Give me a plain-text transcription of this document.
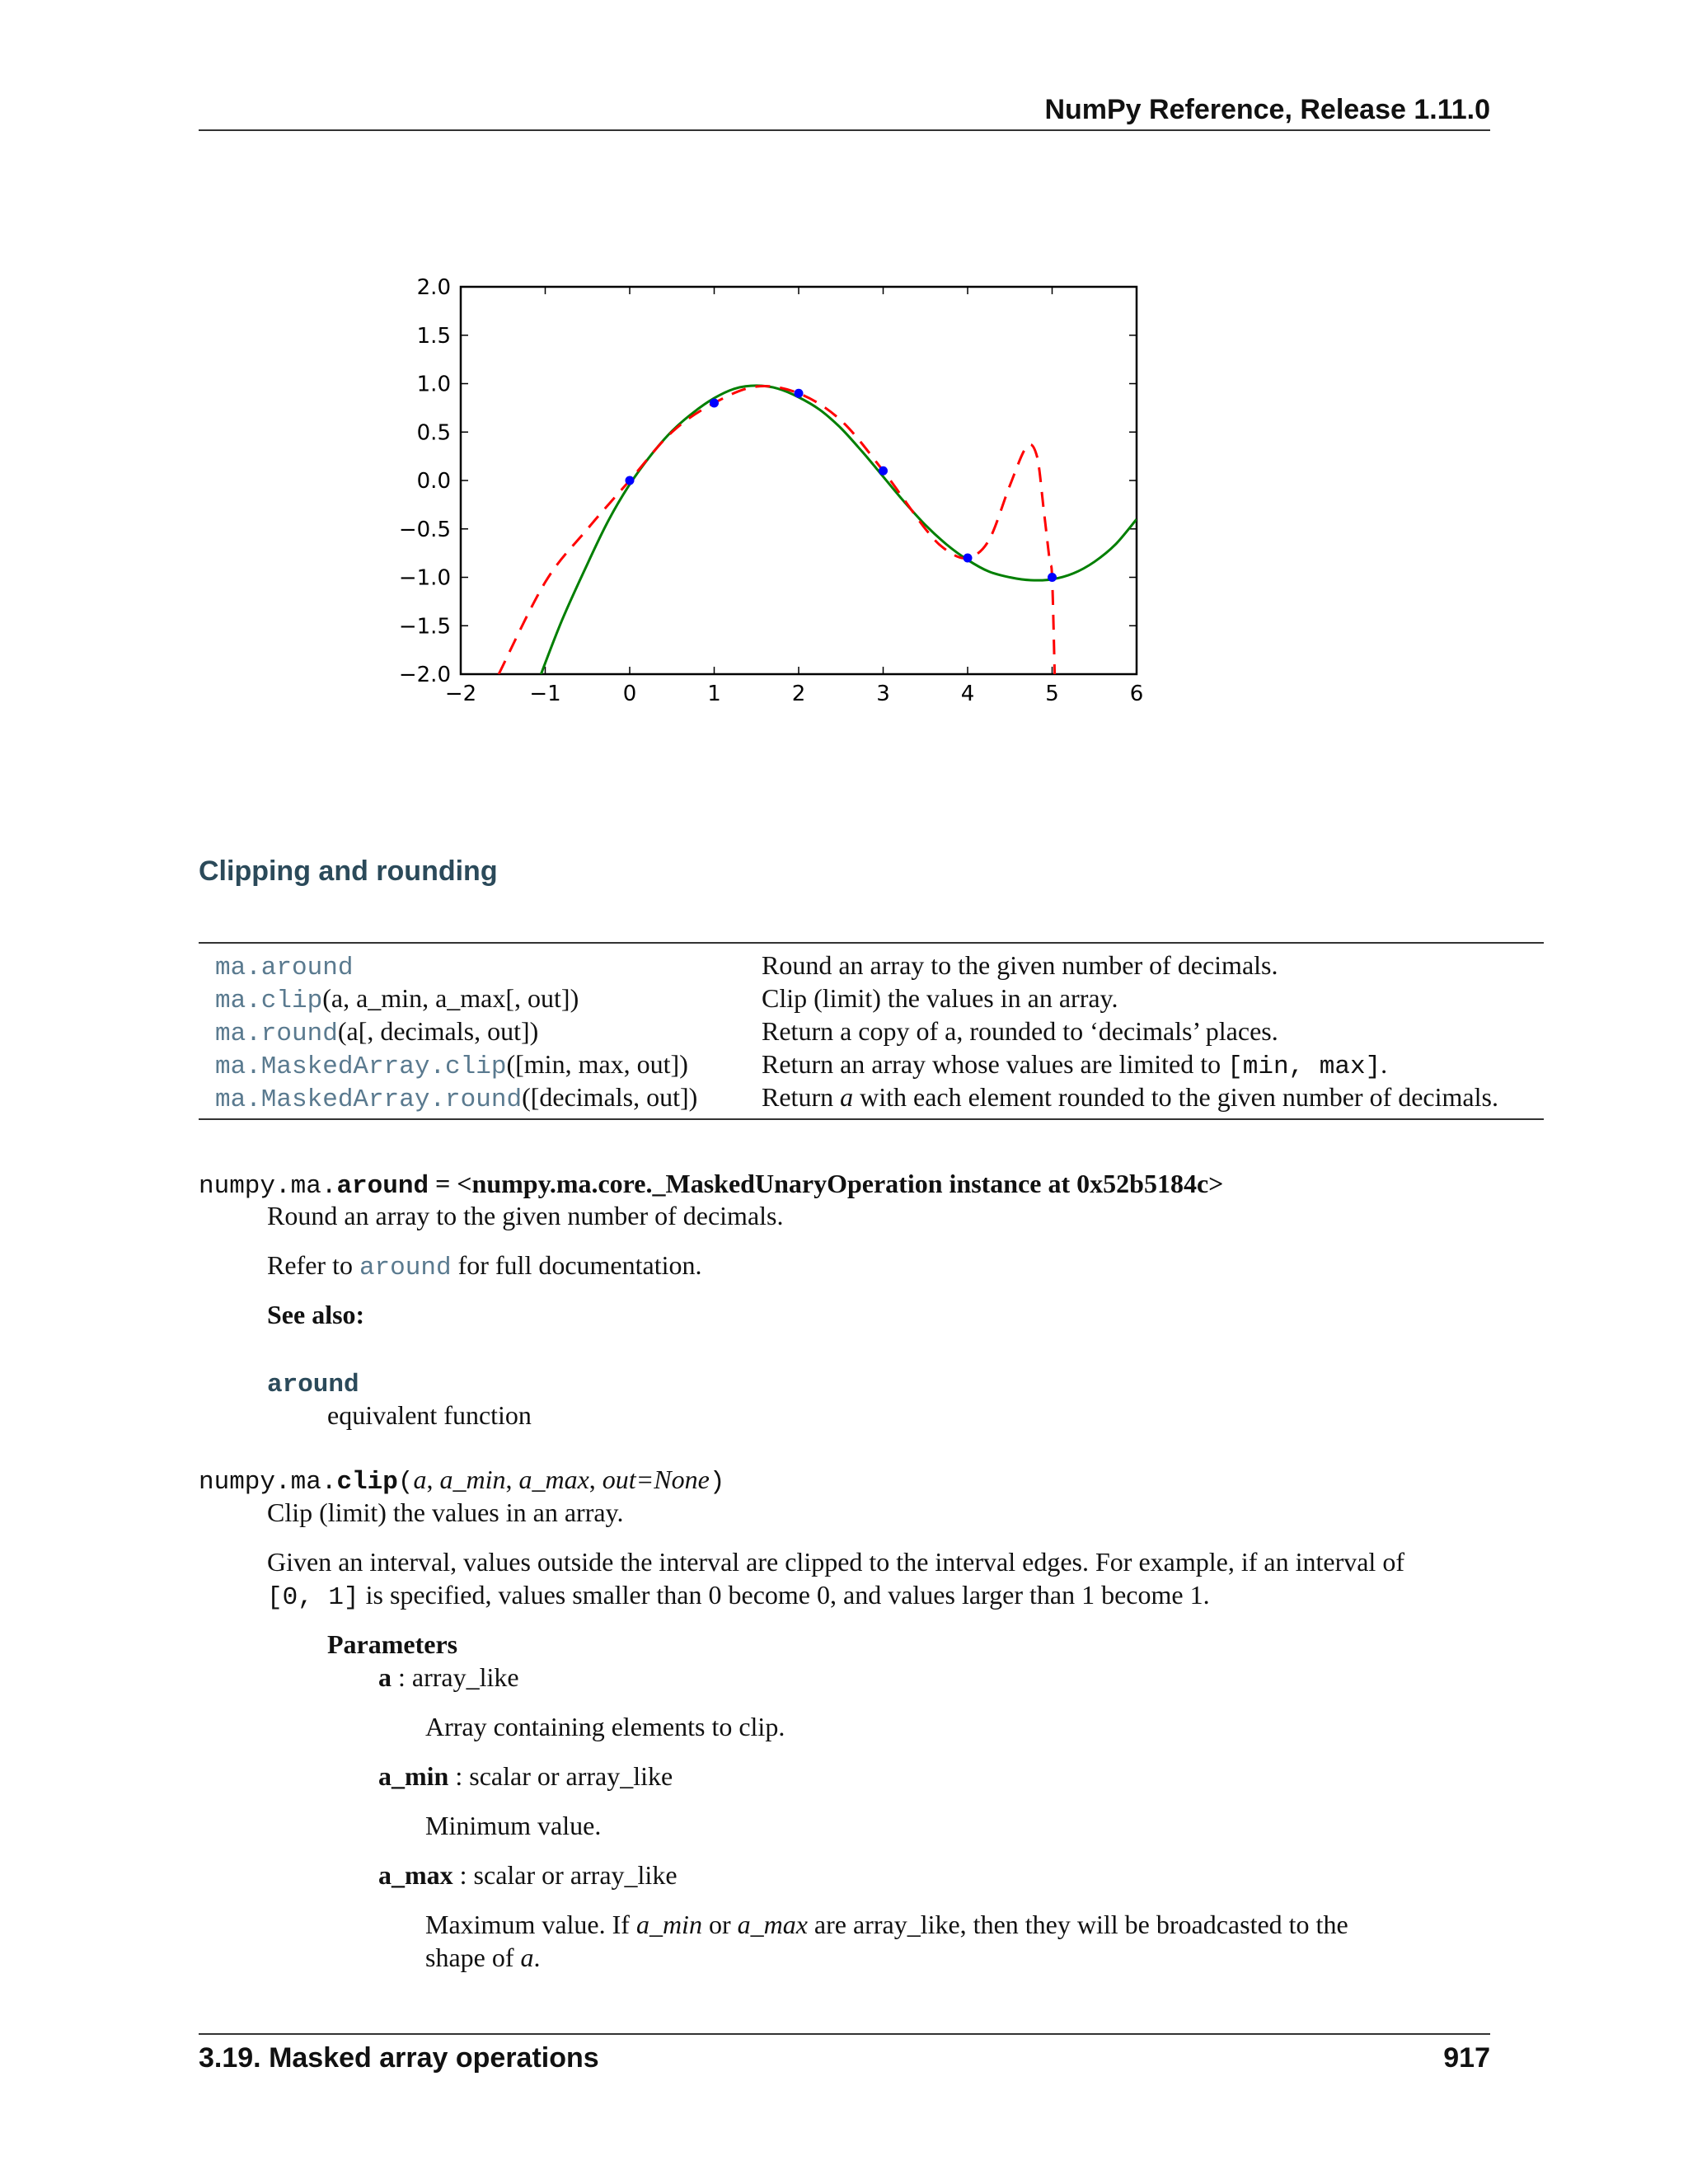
NumPy Reference, Release 1.11.0
−2 −1	0	1	2	3	4	5	6
2.0
1.5
1.0
0.5
0.0
−0.5
−1.0
−1.5
−2.0
Clipping and rounding
ma.around	Round an array to the given number of decimals.
ma.clip(a, a_min, a_max[, out])	Clip (limit) the values in an array.
ma.round(a[, decimals, out])	Return a copy of a, rounded to ‘decimals’ places.
ma.MaskedArray.clip([min, max, out])	Return an array whose values are limited to [min, max].
ma.MaskedArray.round([decimals, out]) Return a with each element rounded to the given number of decimals.
numpy.ma.around = <numpy.ma.core._MaskedUnaryOperation instance at 0x52b5184c>
Round an array to the given number of decimals.
Refer to around for full documentation.
See also:
around
equivalent function
numpy.ma.clip(a, a_min, a_max, out=None)
Clip (limit) the values in an array.
Given an interval, values outside the interval are clipped to the interval edges. For example, if an interval of
[0, 1] is specified, values smaller than 0 become 0, and values larger than 1 become 1.
Parameters
a : array_like
Array containing elements to clip.
a_min : scalar or array_like
Minimum value.
a_max : scalar or array_like
Maximum value. If a_min or a_max are array_like, then they will be broadcasted to the
shape of a.
3.19. Masked array operations	917
